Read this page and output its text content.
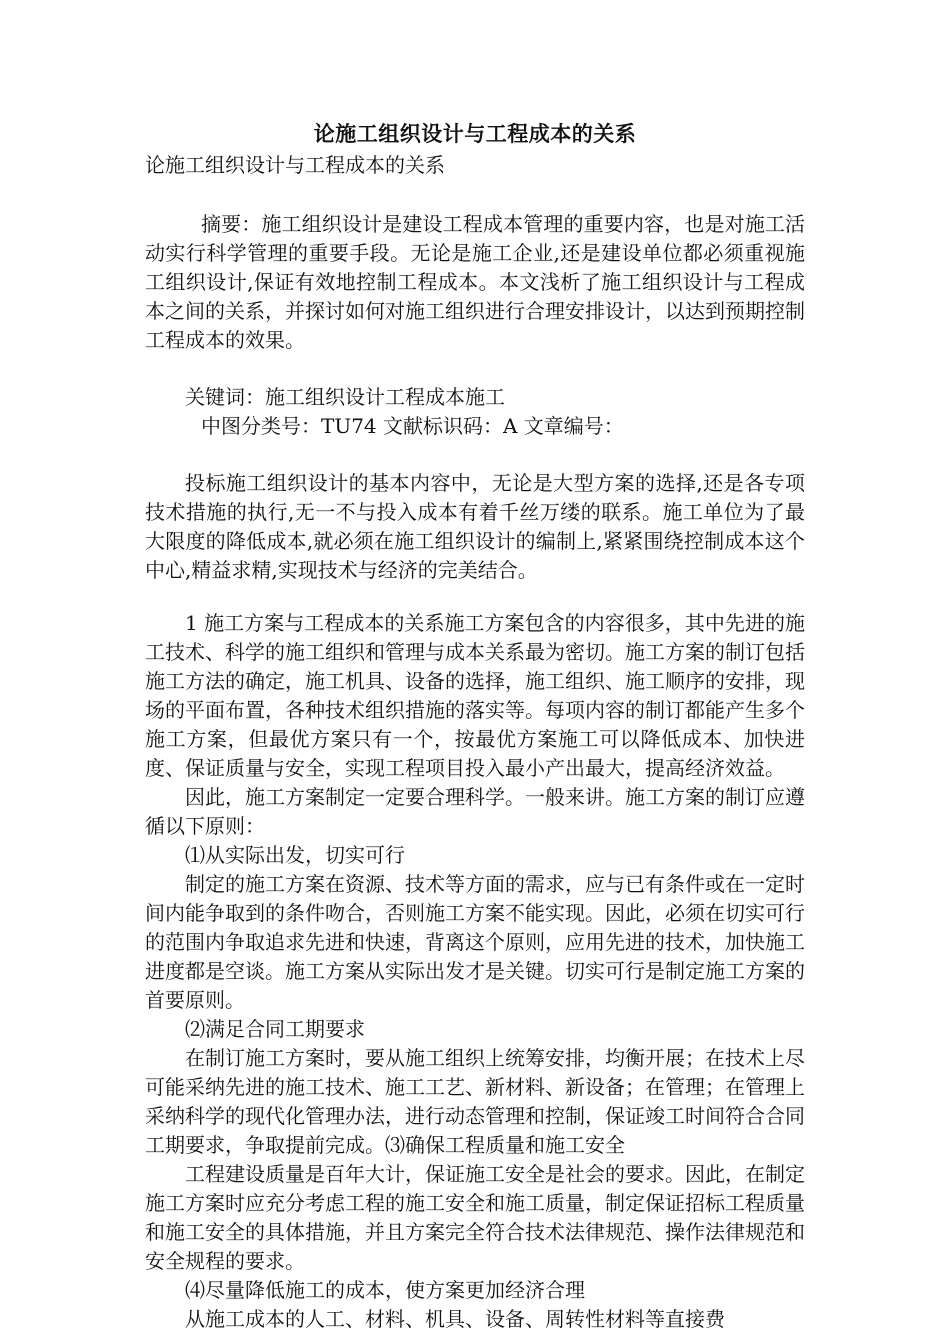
论施工组织设计与工程成本的关系

论施工组织设计与工程成本的关系

摘要：施工组织设计是建设工程成本管理的重要内容，也是对施工活动实行科学管理的重要手段。无论是施工企业,还是建设单位都必须重视施工组织设计,保证有效地控制工程成本。本文浅析了施工组织设计与工程成本之间的关系，并探讨如何对施工组织进行合理安排设计，以达到预期控制工程成本的效果。

关键词：施工组织设计工程成本施工

中图分类号：TU74 文献标识码：A 文章编号：

投标施工组织设计的基本内容中，无论是大型方案的选择,还是各专项技术措施的执行,无一不与投入成本有着千丝万缕的联系。施工单位为了最大限度的降低成本,就必须在施工组织设计的编制上,紧紧围绕控制成本这个中心,精益求精,实现技术与经济的完美结合。

1 施工方案与工程成本的关系施工方案包含的内容很多，其中先进的施工技术、科学的施工组织和管理与成本关系最为密切。施工方案的制订包括施工方法的确定，施工机具、设备的选择，施工组织、施工顺序的安排，现场的平面布置，各种技术组织措施的落实等。每项内容的制订都能产生多个施工方案，但最优方案只有一个，按最优方案施工可以降低成本、加快进度、保证质量与安全，实现工程项目投入最小产出最大，提高经济效益。

因此，施工方案制定一定要合理科学。一般来讲。施工方案的制订应遵循以下原则：

⑴从实际出发，切实可行

制定的施工方案在资源、技术等方面的需求，应与已有条件或在一定时间内能争取到的条件吻合，否则施工方案不能实现。因此，必须在切实可行的范围内争取追求先进和快速，背离这个原则，应用先进的技术，加快施工进度都是空谈。施工方案从实际出发才是关键。切实可行是制定施工方案的首要原则。

⑵满足合同工期要求

在制订施工方案时，要从施工组织上统筹安排，均衡开展；在技术上尽可能采纳先进的施工技术、施工工艺、新材料、新设备；在管理；在管理上采纳科学的现代化管理办法，进行动态管理和控制，保证竣工时间符合合同工期要求，争取提前完成。⑶确保工程质量和施工安全

工程建设质量是百年大计，保证施工安全是社会的要求。因此，在制定施工方案时应充分考虑工程的施工安全和施工质量，制定保证招标工程质量和施工安全的具体措施，并且方案完全符合技术法律规范、操作法律规范和安全规程的要求。

⑷尽量降低施工的成本，使方案更加经济合理

从施工成本的人工、材料、机具、设备、周转性材料等直接费
